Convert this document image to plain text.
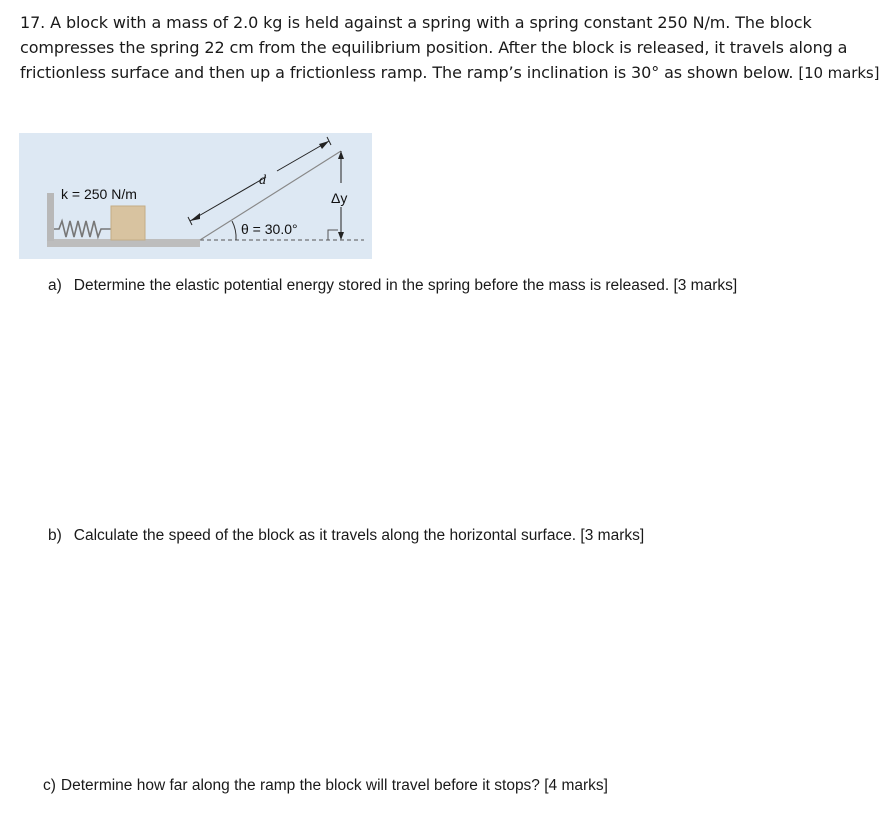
17. A block with a mass of 2.0 kg is held against a spring with a spring constant 250 N/m. The block compresses the spring 22 cm from the equilibrium position. After the block is released, it travels along a frictionless surface and then up a frictionless ramp. The ramp’s inclination is 30° as shown below. [10 marks]
k = 250 N/m
d
Δy
θ = 30.0°
a) Determine the elastic potential energy stored in the spring before the mass is released. [3 marks]
b) Calculate the speed of the block as it travels along the horizontal surface. [3 marks]
c) Determine how far along the ramp the block will travel before it stops? [4 marks]
